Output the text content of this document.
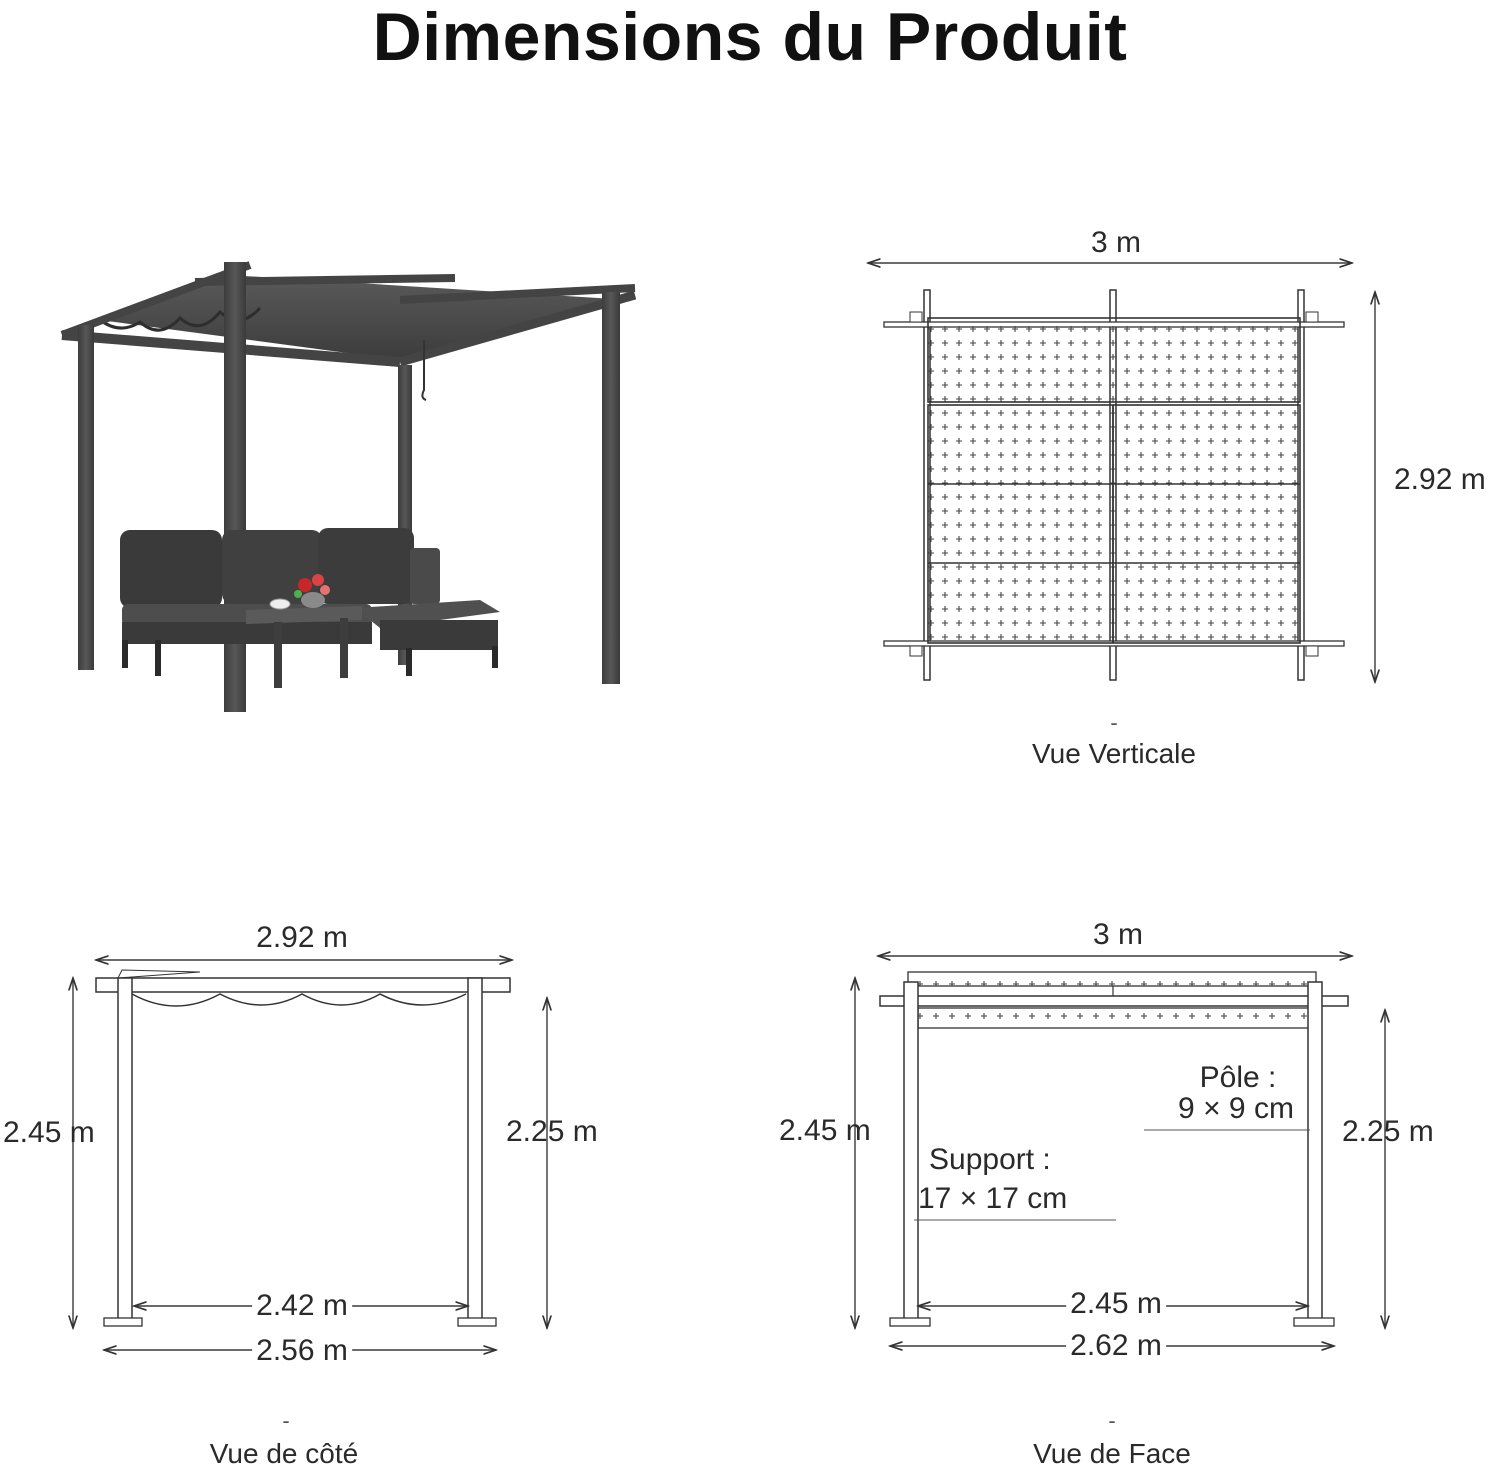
Dimensions du Produit
3 m
2.92 m
-
Vue Verticale
2.92 m
2.45 m	2.25 m
2.42 m
2.56 m
-
Vue de côté
3 m
2.45 m	2.25 m
Pôle :
9 × 9 cm
Support :
17 × 17 cm
2.45 m
2.62 m
-
Vue de Face
